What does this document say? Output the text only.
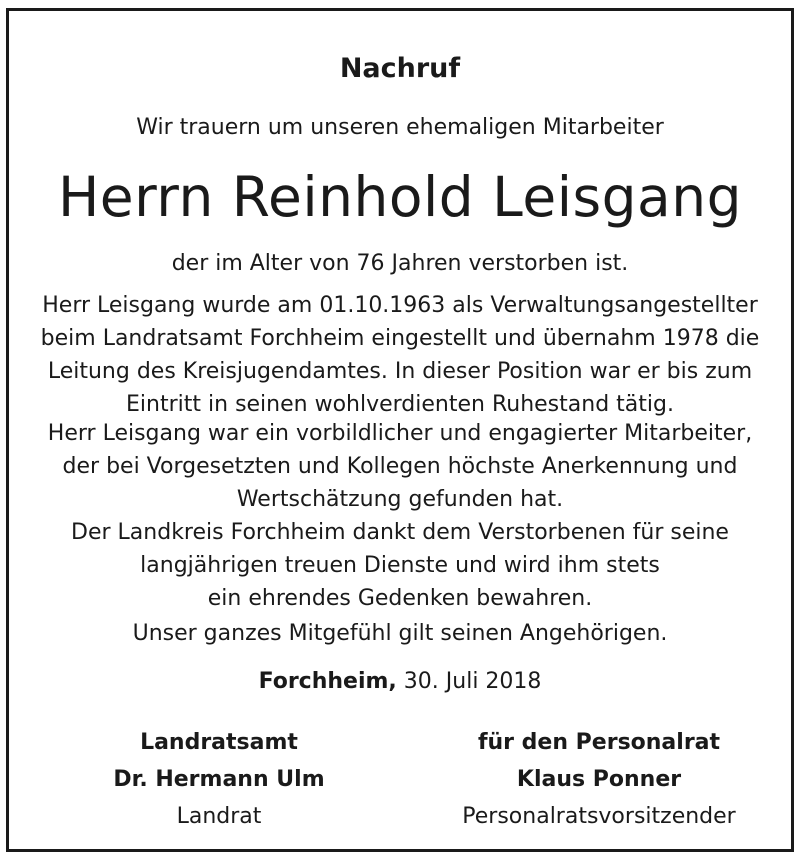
Nachruf
Wir trauern um unseren ehemaligen Mitarbeiter
Herrn Reinhold Leisgang
der im Alter von 76 Jahren verstorben ist.
Herr Leisgang wurde am 01.10.1963 als Verwaltungsangestellter
beim Landratsamt Forchheim eingestellt und übernahm 1978 die
Leitung des Kreisjugendamtes. In dieser Position war er bis zum
Eintritt in seinen wohlverdienten Ruhestand tätig.
Herr Leisgang war ein vorbildlicher und engagierter Mitarbeiter,
der bei Vorgesetzten und Kollegen höchste Anerkennung und
Wertschätzung gefunden hat.
Der Landkreis Forchheim dankt dem Verstorbenen für seine
langjährigen treuen Dienste und wird ihm stets
ein ehrendes Gedenken bewahren.
Unser ganzes Mitgefühl gilt seinen Angehörigen.
Forchheim, 30. Juli 2018
Landratsamt
Dr. Hermann Ulm
Landrat
für den Personalrat
Klaus Ponner
Personalratsvorsitzender
